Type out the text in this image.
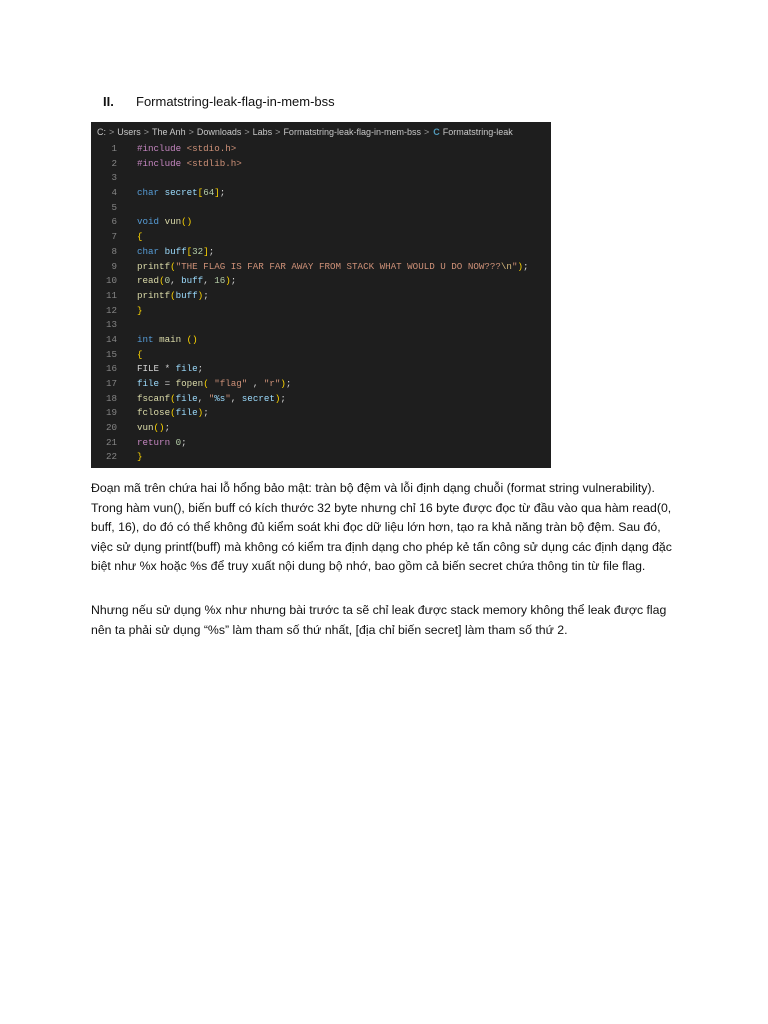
II. Formatstring-leak-flag-in-mem-bss
C: > Users > The Anh > Downloads > Labs > Formatstring-leak-flag-in-mem-bss > C Formatstring-leak
1 #include <stdio.h>
2 #include <stdlib.h>
3
4 char secret[64];
5
6 void vun()
7 {
8 char buff[32];
9 printf("THE FLAG IS FAR FAR AWAY FROM STACK WHAT WOULD U DO NOW???\n");
10 read(0, buff, 16);
11 printf(buff);
12 }
13
14 int main ()
15 {
16 FILE * file;
17 file = fopen( "flag" , "r");
18 fscanf(file, "%s", secret);
19 fclose(file);
20 vun();
21 return 0;
22 }

Đoạn mã trên chứa hai lỗ hổng bảo mật: tràn bộ đệm và lỗi định dạng chuỗi (format string vulnerability). Trong hàm vun(), biến buff có kích thước 32 byte nhưng chỉ 16 byte được đọc từ đầu vào qua hàm read(0, buff, 16), do đó có thể không đủ kiểm soát khi đọc dữ liệu lớn hơn, tạo ra khả năng tràn bộ đệm. Sau đó, việc sử dụng printf(buff) mà không có kiểm tra định dạng cho phép kẻ tấn công sử dụng các định dạng đặc biệt như %x hoặc %s để truy xuất nội dung bộ nhớ, bao gồm cả biến secret chứa thông tin từ file flag.

Nhưng nếu sử dụng %x như nhưng bài trước ta sẽ chỉ leak được stack memory không thể leak được flag nên ta phải sử dụng “%s” làm tham số thứ nhất, [địa chỉ biến secret] làm tham số thứ 2.
